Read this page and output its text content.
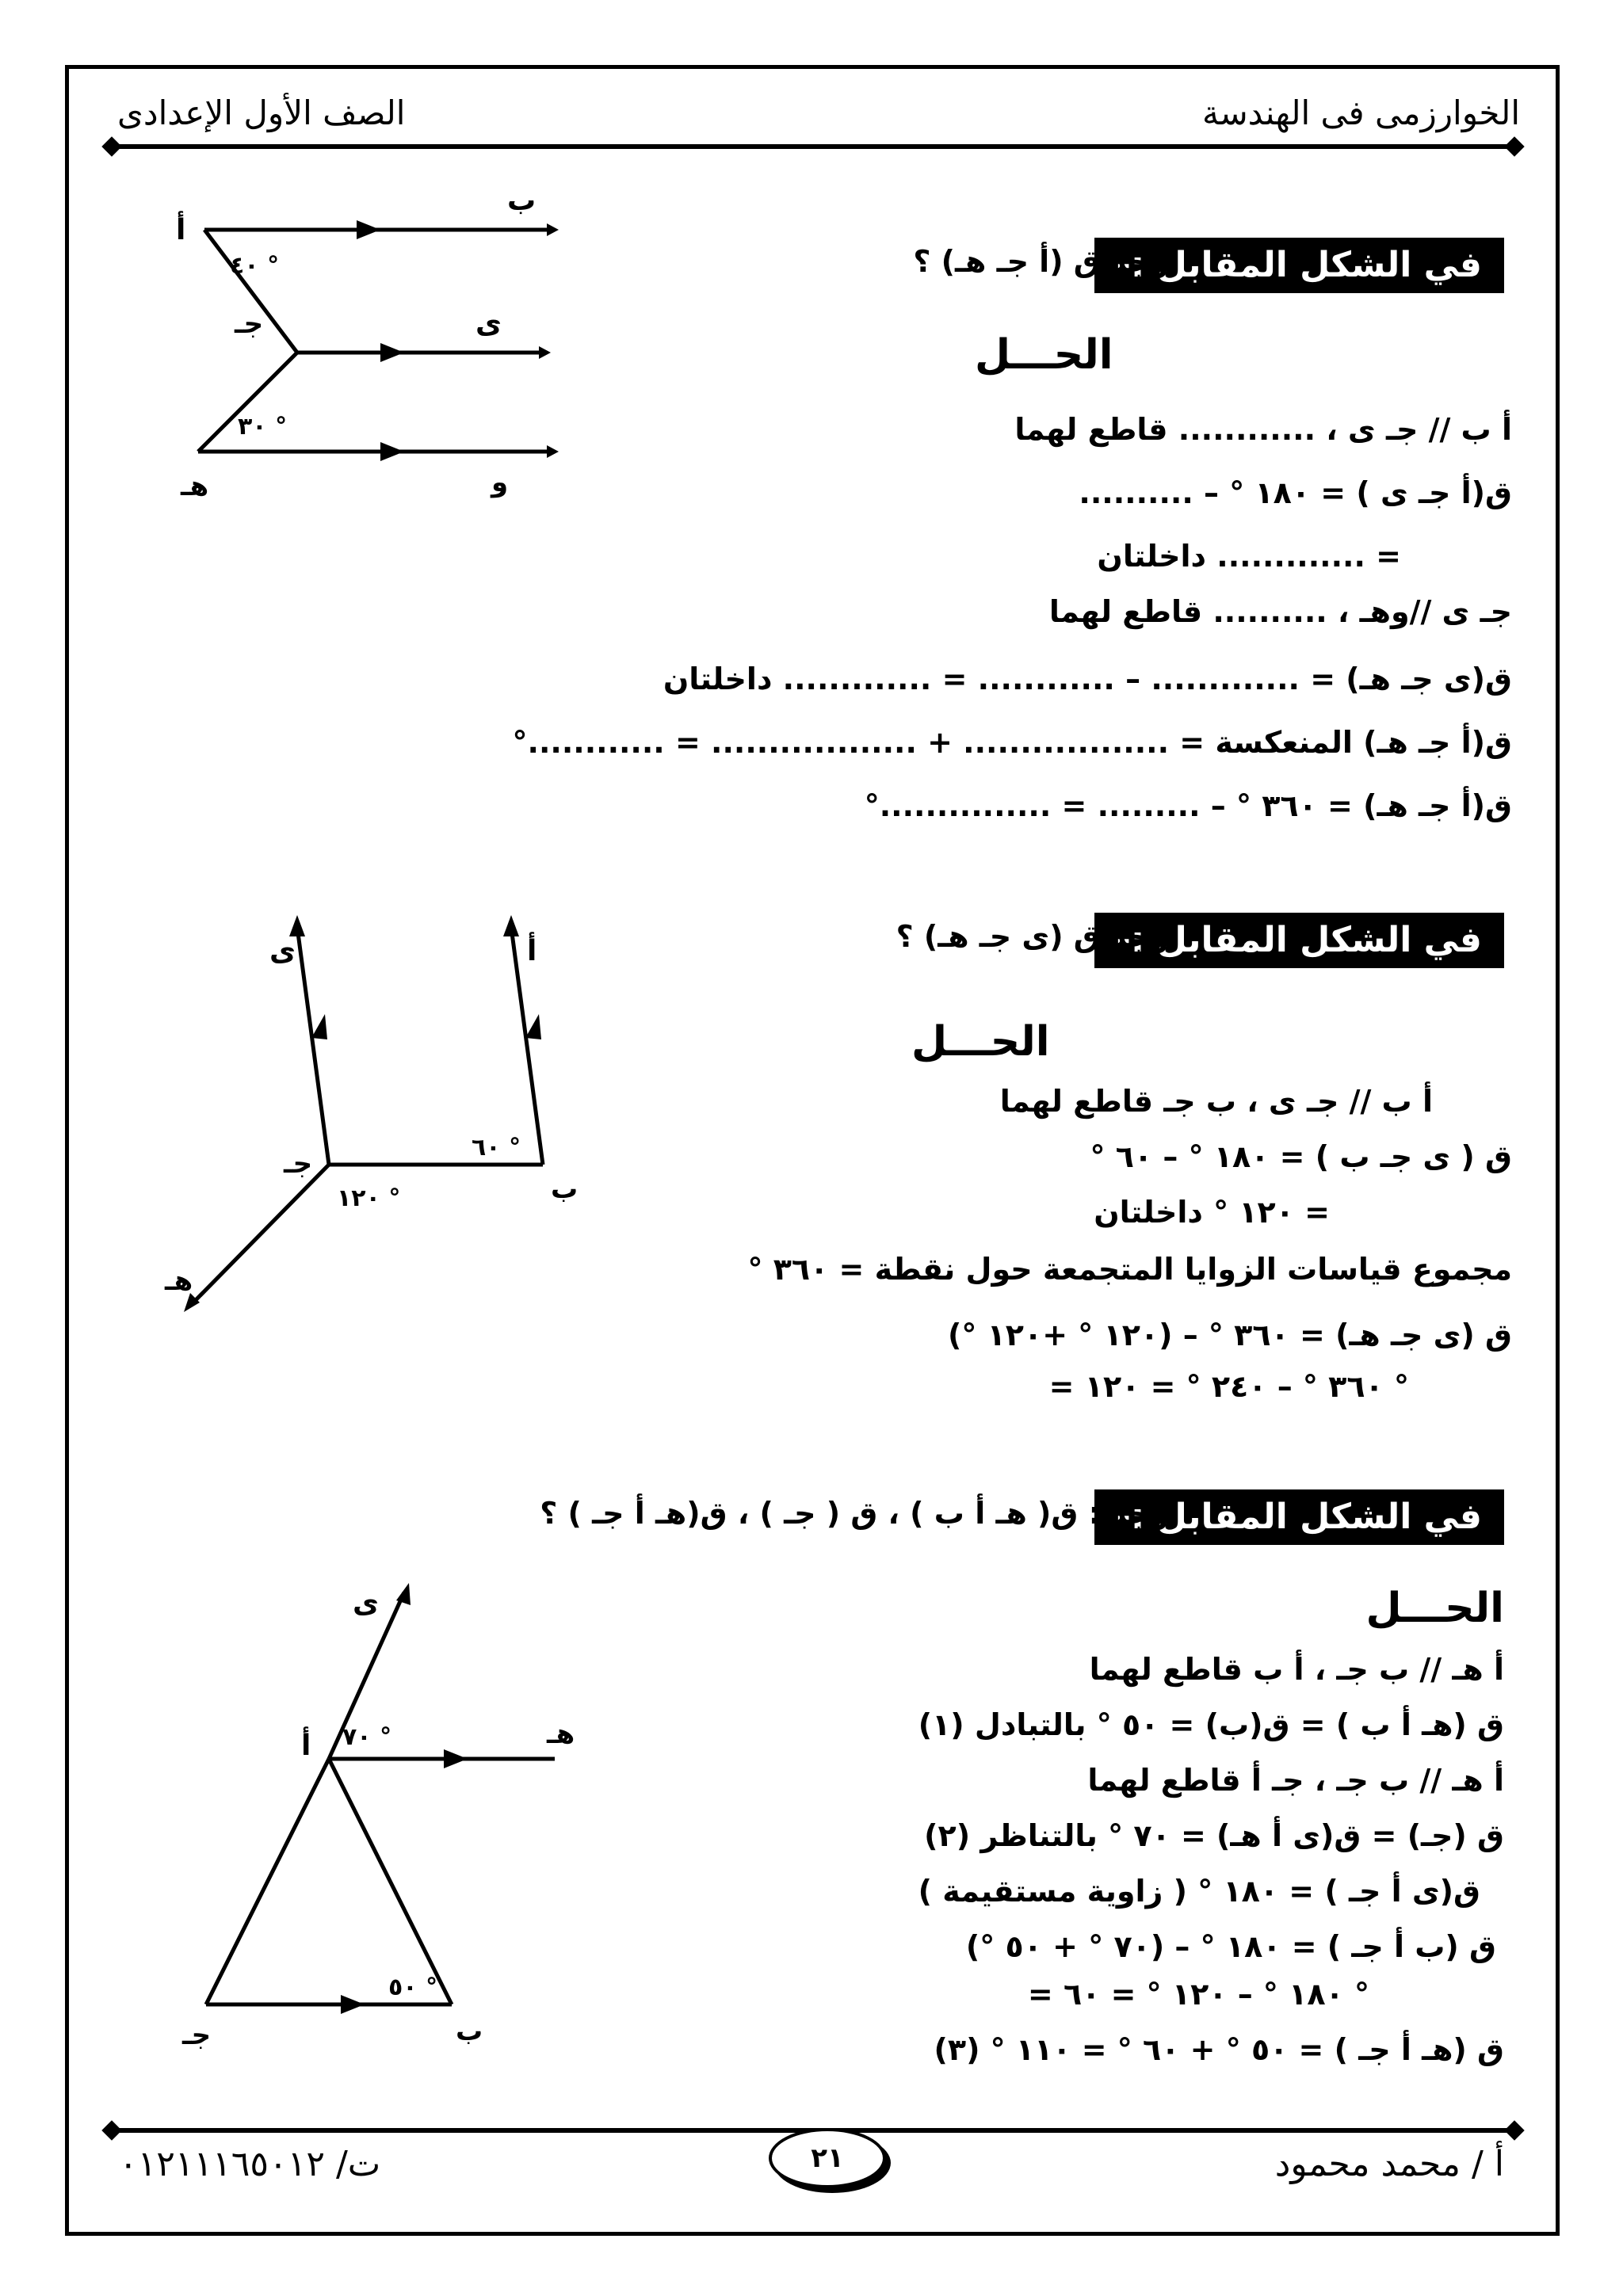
الخوارزمى فى الهندسة
الصف الأول الإعدادى
في الشكل المقابل :-
أوجد ق (أ جـ هـ) ؟
الحـــل
أ ب // جـ ى ، ............ قاطع لهما
ق(أ جـ ى ) = ١٨٠ ° – ..........
= ............. داخلتان
جـ ى //وهـ ، .......... قاطع لهما
ق(ى جـ هـ) = ............. – ............ = ............. داخلتان
ق(أ جـ هـ) المنعكسة = .................. + .................. = ............°
ق(أ جـ هـ) = ٣٦٠ ° – ......... = ...............°
أ
ب
جـ	ى
هـ	و
٤٠ °
٣٠ °
في الشكل المقابل :-
أوجد ق (ى جـ هـ) ؟
الحـــل
أ ب // جـ ى ، ب جـ قاطع لهما
ق ( ى جـ ب ) = ١٨٠ ° – ٦٠ °
= ١٢٠ ° داخلتان
مجموع قياسات الزوايا المتجمعة حول نقطة = ٣٦٠ °
ق (ى جـ هـ) = ٣٦٠ ° – (١٢٠ ° +١٢٠ °)
= ٣٦٠ ° – ٢٤٠ ° = ١٢٠ °
ى	أ
جـ
ب
هـ
٦٠ °
١٢٠ °
في الشكل المقابل :-
أوجد : ق( هـ أ ب ) ، ق ( جـ ) ، ق(هـ أ جـ ) ؟
الحـــل
أ هـ // ب جـ ، أ ب قاطع لهما
ق (هـ أ ب ) = ق(ب) = ٥٠ ° بالتبادل (١)
أ هـ // ب جـ ، جـ أ قاطع لهما
ق (جـ) = ق(ى أ هـ) = ٧٠ ° بالتناظر (٢)
ق(ى أ جـ ) = ١٨٠ ° ( زاوية مستقيمة )
ق (ب أ جـ ) = ١٨٠ ° – (٧٠ ° + ٥٠ °)
= ١٨٠ ° – ١٢٠ ° = ٦٠ °
ق (هـ أ جـ ) = ٥٠ ° + ٦٠ ° = ١١٠ ° (٣)
ى
أ	هـ
جـ	ب
٧٠ °
٥٠ °
٢١	أ / محمد محمود
ت/ ٠١٢١١١٦٥٠١٢
